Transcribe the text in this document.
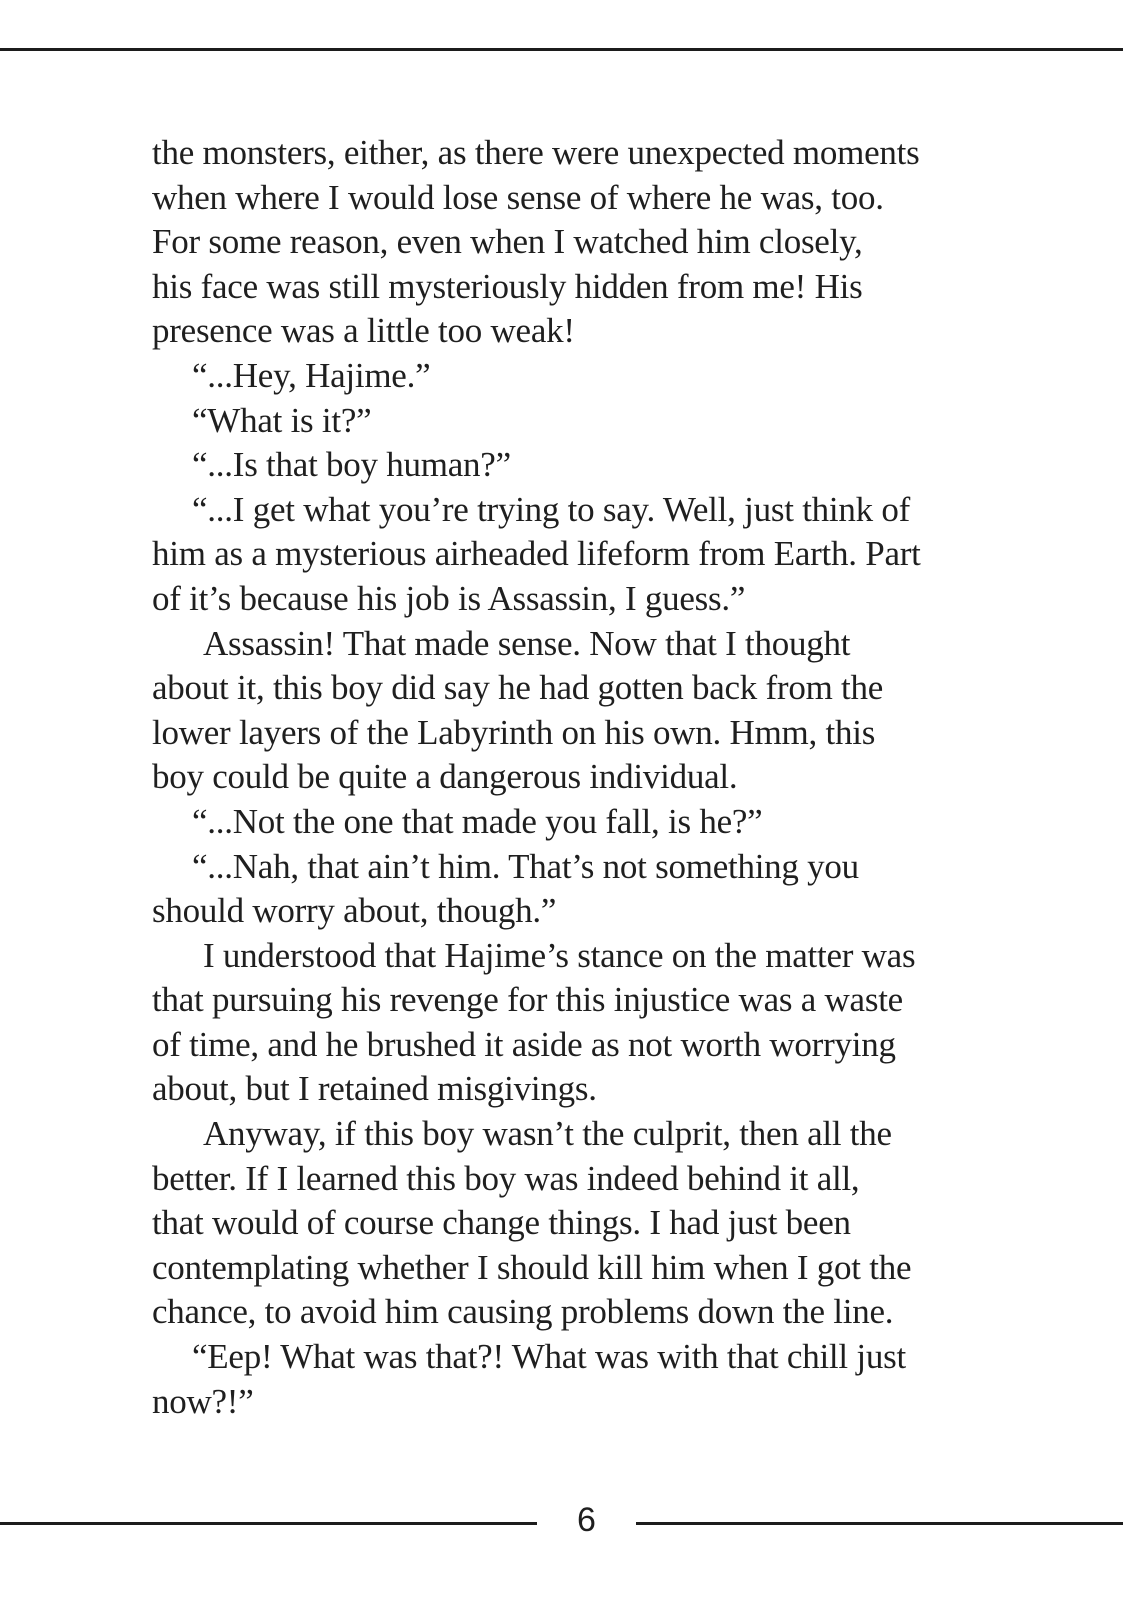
the monsters, either, as there were unexpected moments
when where I would lose sense of where he was, too.
For some reason, even when I watched him closely,
his face was still mysteriously hidden from me! His
presence was a little too weak!
“...Hey, Hajime.”
“What is it?”
“...Is that boy human?”
“...I get what you’re trying to say. Well, just think of
him as a mysterious airheaded lifeform from Earth. Part
of it’s because his job is Assassin, I guess.”
Assassin! That made sense. Now that I thought
about it, this boy did say he had gotten back from the
lower layers of the Labyrinth on his own. Hmm, this
boy could be quite a dangerous individual.
“...Not the one that made you fall, is he?”
“...Nah, that ain’t him. That’s not something you
should worry about, though.”
I understood that Hajime’s stance on the matter was
that pursuing his revenge for this injustice was a waste
of time, and he brushed it aside as not worth worrying
about, but I retained misgivings.
Anyway, if this boy wasn’t the culprit, then all the
better. If I learned this boy was indeed behind it all,
that would of course change things. I had just been
contemplating whether I should kill him when I got the
chance, to avoid him causing problems down the line.
“Eep! What was that?! What was with that chill just
now?!”
6
